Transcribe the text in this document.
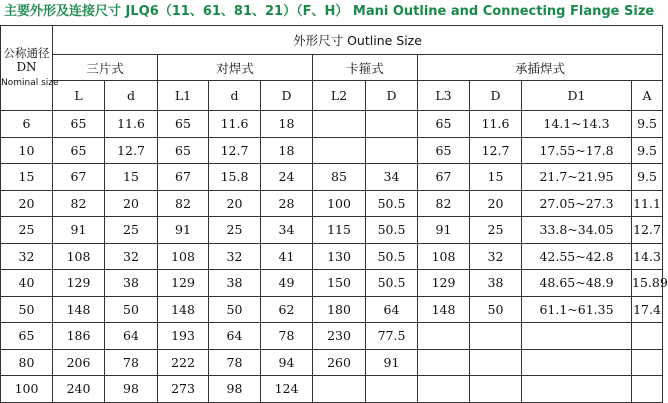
主要外形及连接尺寸 JLQ6（11、61、81、21）（F、H） Mani Outline and Connecting Flange Size
公称通径
DN
Nominal size	外形尺寸 Outline Size										
	三片式		对焊式			卡箍式		承插焊式			
	L	d	L1	d	D	L2	D	L3	D	D1	A
6	65	11.6	65	11.6	18			65	11.6	14.1~14.3	9.5
10	65	12.7	65	12.7	18			65	12.7	17.55~17.8	9.5
15	67	15	67	15.8	24	85	34	67	15	21.7~21.95	9.5
20	82	20	82	20	28	100	50.5	82	20	27.05~27.3	11.1
25	91	25	91	25	34	115	50.5	91	25	33.8~34.05	12.7
32	108	32	108	32	41	130	50.5	108	32	42.55~42.8	14.3
40	129	38	129	38	49	150	50.5	129	38	48.65~48.9	15.89
50	148	50	148	50	62	180	64	148	50	61.1~61.35	17.4
65	186	64	193	64	78	230	77.5				
80	206	78	222	78	94	260	91				
100	240	98	273	98	124						
